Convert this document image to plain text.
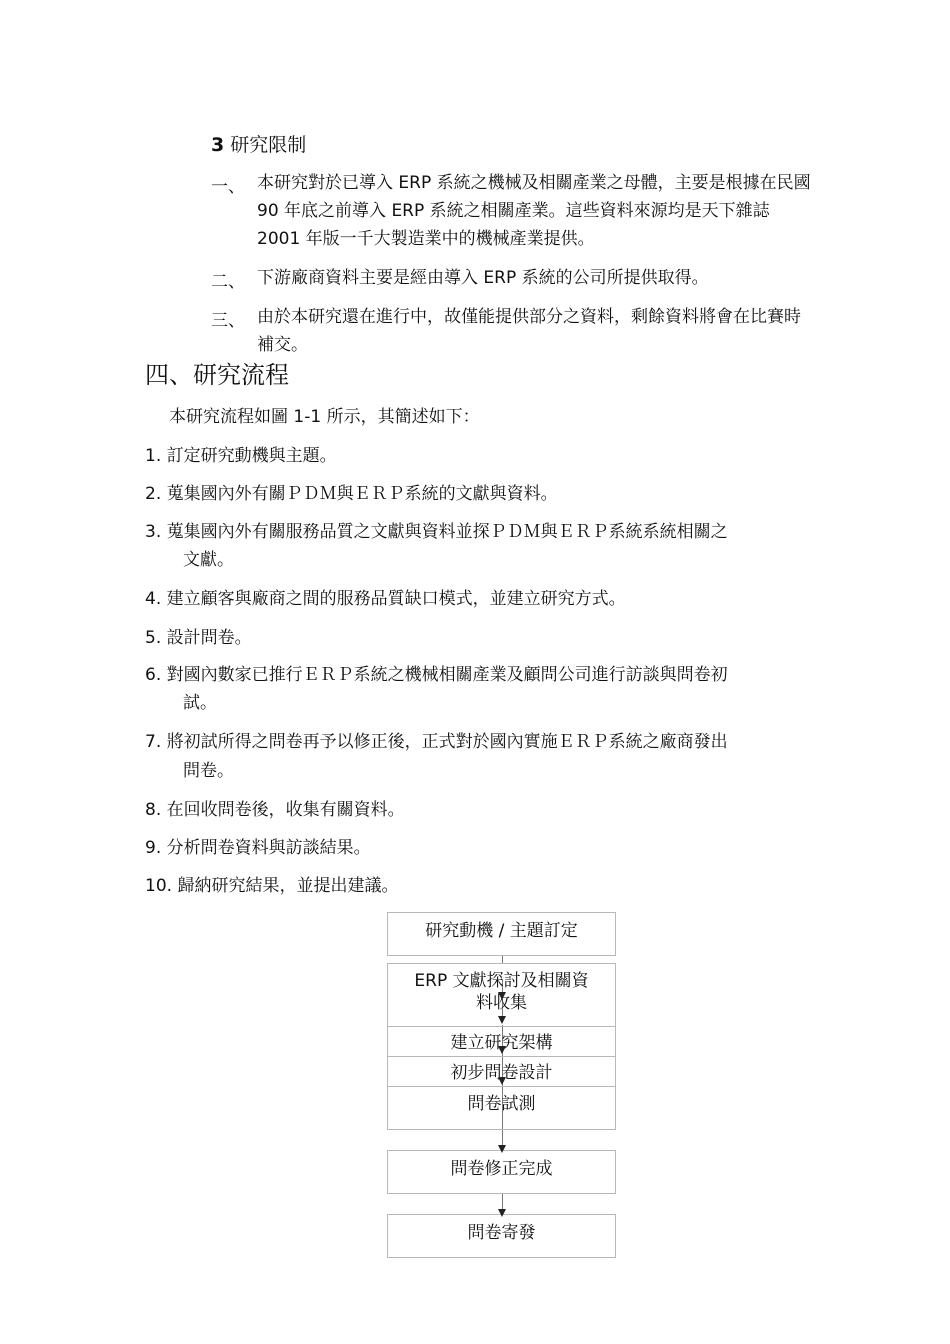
3 研究限制
一、 本研究對於已導入 ERP 系統之機械及相關產業之母體，主要是根據在民國 90 年底之前導入 ERP 系統之相關產業。這些資料來源均是天下雜誌 2001 年版一千大製造業中的機械產業提供。
二、 下游廠商資料主要是經由導入 ERP 系統的公司所提供取得。
三、 由於本研究還在進行中，故僅能提供部分之資料，剩餘資料將會在比賽時補交。
四、研究流程
本研究流程如圖 1-1 所示，其簡述如下：
1. 訂定研究動機與主題。
2. 蒐集國內外有關ＰＤＭ與ＥＲＰ系統的文獻與資料。
3. 蒐集國內外有關服務品質之文獻與資料並探ＰＤＭ與ＥＲＰ系統系統相關之
文獻。
4. 建立顧客與廠商之間的服務品質缺口模式，並建立研究方式。
5. 設計問卷。
6. 對國內數家已推行ＥＲＰ系統之機械相關產業及顧問公司進行訪談與問卷初
試。
7. 將初試所得之問卷再予以修正後，正式對於國內實施ＥＲＰ系統之廠商發出
問卷。
8. 在回收問卷後，收集有關資料。
9. 分析問卷資料與訪談結果。
10. 歸納研究結果，並提出建議。
研究動機 / 主題訂定
ERP 文獻探討及相關資
料收集
建立研究架構
初步問卷設計
問卷試測
問卷修正完成
問卷寄發
